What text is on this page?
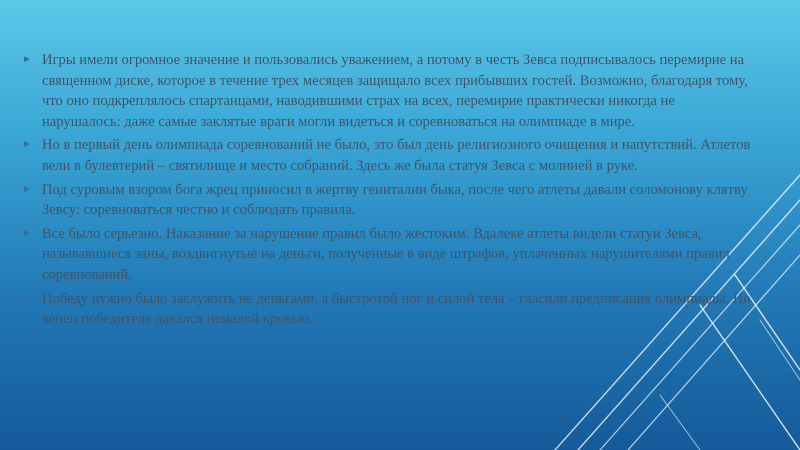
► Игры имели огромное значение и пользовались уважением, а потому в честь Зевса подписывалось перемирие на священном диске, которое в течение трех месяцев защищало всех прибывших гостей. Возможно, благодаря тому, что оно подкреплялось спартанцами, наводившими страх на всех, перемирие практически никогда не нарушалось: даже самые заклятые враги могли видеться и соревноваться на олимпиаде в мире.
► Но в первый день олимпиада соревнований не было, это был день религиозного очищения и напутствий. Атлетов вели в булевтерий – святилище и место собраний. Здесь же была статуя Зевса с молнией в руке.
► Под суровым взором бога жрец приносил в жертву гениталии быка, после чего атлеты давали соломонову клятву Зевсу: соревноваться честно и соблюдать правила.
► Все было серьезно. Наказание за нарушение правил было жестоким. Вдалеке атлеты видели статуи Зевса, называвшиеся заны, воздвигнутые на деньги, полученные в виде штрафов, уплаченных нарушителями правил соревнований.
► Победу нужно было заслужить не деньгами, а быстротой ног и силой тела – гласили предписания олимпиады. Но венец победителя давался немалой кровью.
